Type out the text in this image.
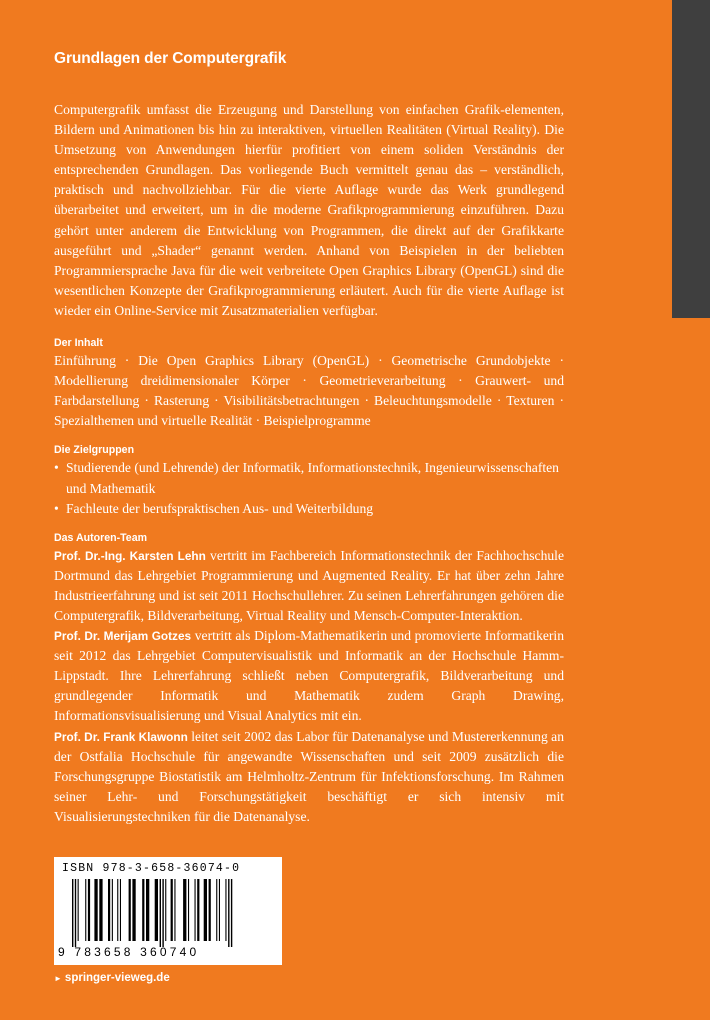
Grundlagen der Computergrafik

Computergrafik umfasst die Erzeugung und Darstellung von einfachen Grafik-elementen, Bildern und Animationen bis hin zu interaktiven, virtuellen Realitäten (Virtual Reality). Die Umsetzung von Anwendungen hierfür profitiert von einem soliden Verständnis der entsprechenden Grundlagen. Das vorliegende Buch vermittelt genau das – verständlich, praktisch und nachvollziehbar. Für die vierte Auflage wurde das Werk grundlegend überarbeitet und erweitert, um in die moderne Grafikprogrammierung einzuführen. Dazu gehört unter anderem die Entwicklung von Programmen, die direkt auf der Grafikkarte ausgeführt und „Shader“ genannt werden. Anhand von Beispielen in der beliebten Programmiersprache Java für die weit verbreitete Open Graphics Library (OpenGL) sind die wesentlichen Konzepte der Grafikprogrammierung erläutert. Auch für die vierte Auflage ist wieder ein Online-Service mit Zusatzmaterialien verfügbar.

Der Inhalt

Einführung · Die Open Graphics Library (OpenGL) · Geometrische Grundobjekte · Modellierung dreidimensionaler Körper · Geometrieverarbeitung · Grauwert- und Farbdarstellung · Rasterung · Visibilitätsbetrachtungen · Beleuchtungsmodelle · Texturen · Spezialthemen und virtuelle Realität · Beispielprogramme

Die Zielgruppen

• Studierende (und Lehrende) der Informatik, Informationstechnik, Ingenieurwissenschaften und Mathematik
• Fachleute der berufspraktischen Aus- und Weiterbildung

Das Autoren-Team

Prof. Dr.-Ing. Karsten Lehn vertritt im Fachbereich Informationstechnik der Fachhochschule Dortmund das Lehrgebiet Programmierung und Augmented Reality. Er hat über zehn Jahre Industrieerfahrung und ist seit 2011 Hochschullehrer. Zu seinen Lehrerfahrungen gehören die Computergrafik, Bildverarbeitung, Virtual Reality und Mensch-Computer-Interaktion.

Prof. Dr. Merijam Gotzes vertritt als Diplom-Mathematikerin und promovierte Informatikerin seit 2012 das Lehrgebiet Computervisualistik und Informatik an der Hochschule Hamm-Lippstadt. Ihre Lehrerfahrung schließt neben Computergrafik, Bildverarbeitung und grundlegender Informatik und Mathematik zudem Graph Drawing, Informationsvisualisierung und Visual Analytics mit ein.

Prof. Dr. Frank Klawonn leitet seit 2002 das Labor für Datenanalyse und Mustererkennung an der Ostfalia Hochschule für angewandte Wissenschaften und seit 2009 zusätzlich die Forschungsgruppe Biostatistik am Helmholtz-Zentrum für Infektionsforschung. Im Rahmen seiner Lehr- und Forschungstätigkeit beschäftigt er sich intensiv mit Visualisierungstechniken für die Datenanalyse.

ISBN 978-3-658-36074-0
9 783658 360740
► springer-vieweg.de
